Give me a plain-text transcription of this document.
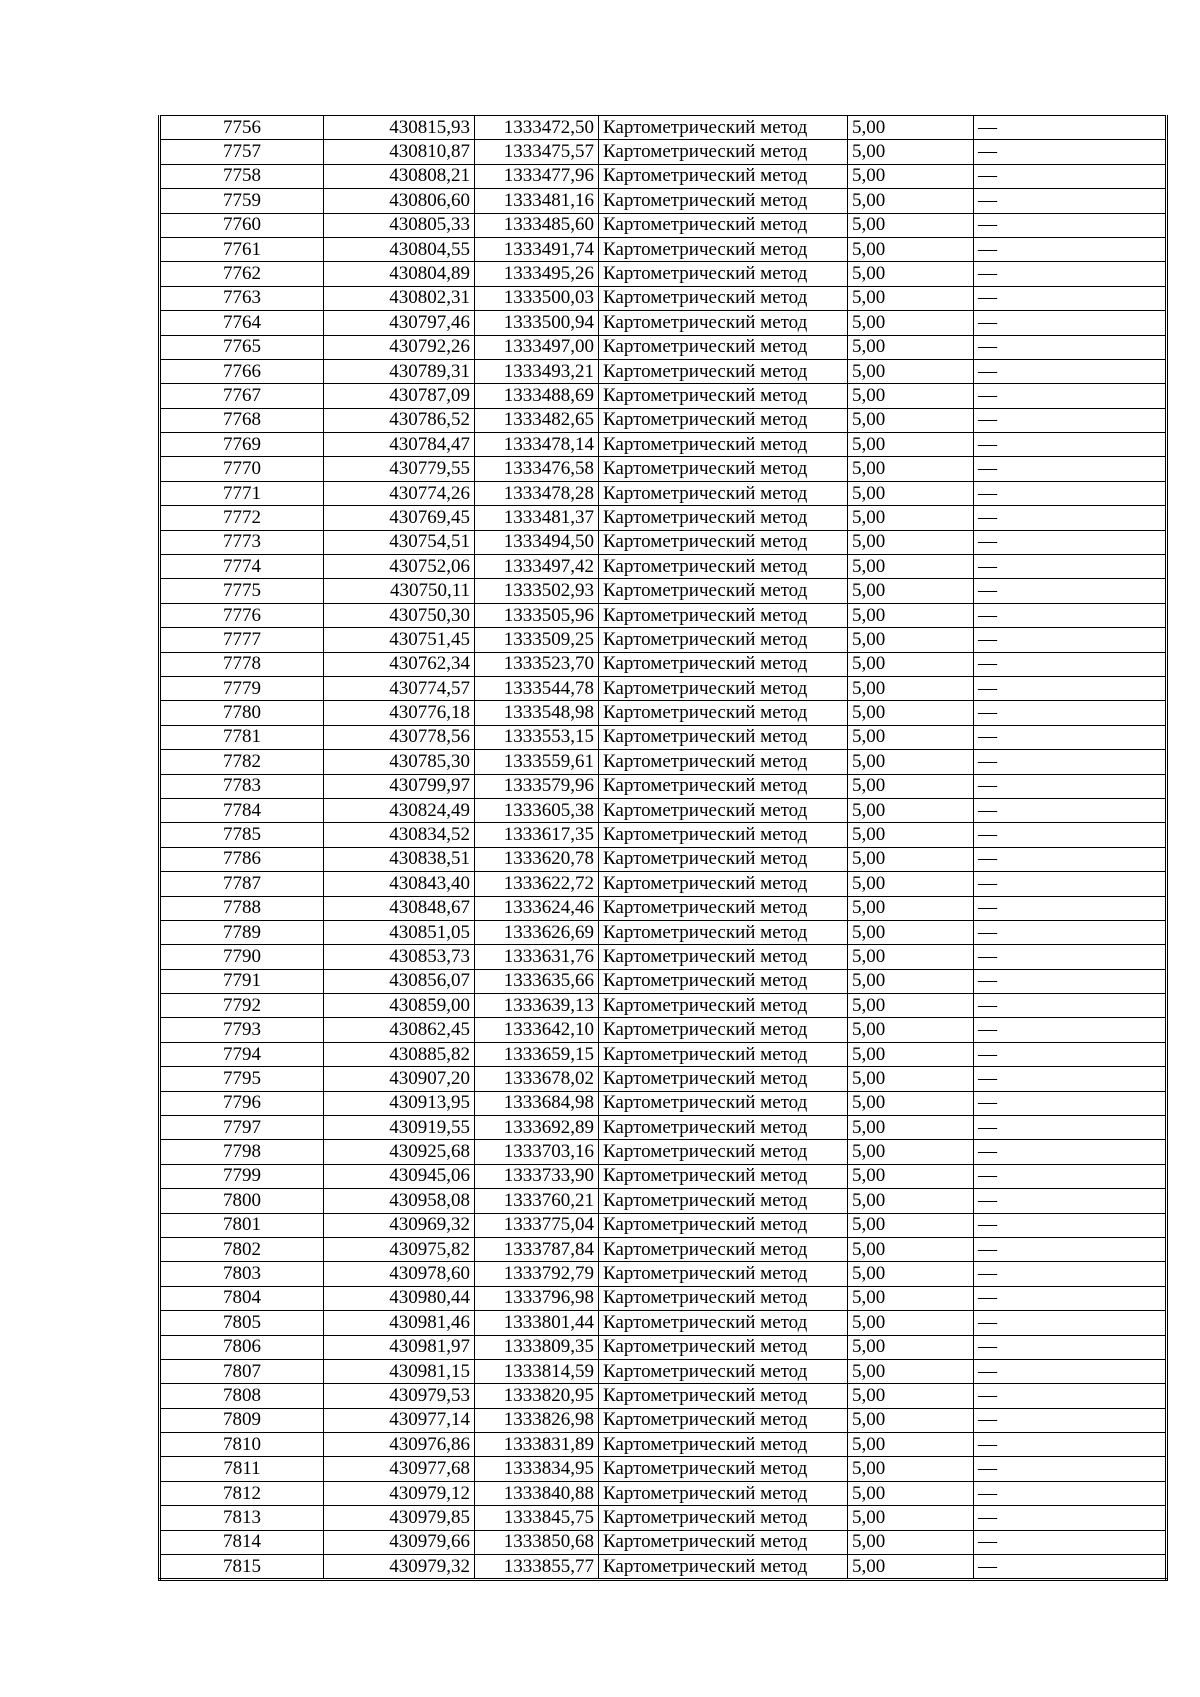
7756	430815,93	1333472,50	Картометрический метод	5,00	—
7757	430810,87	1333475,57	Картометрический метод	5,00	—
7758	430808,21	1333477,96	Картометрический метод	5,00	—
7759	430806,60	1333481,16	Картометрический метод	5,00	—
7760	430805,33	1333485,60	Картометрический метод	5,00	—
7761	430804,55	1333491,74	Картометрический метод	5,00	—
7762	430804,89	1333495,26	Картометрический метод	5,00	—
7763	430802,31	1333500,03	Картометрический метод	5,00	—
7764	430797,46	1333500,94	Картометрический метод	5,00	—
7765	430792,26	1333497,00	Картометрический метод	5,00	—
7766	430789,31	1333493,21	Картометрический метод	5,00	—
7767	430787,09	1333488,69	Картометрический метод	5,00	—
7768	430786,52	1333482,65	Картометрический метод	5,00	—
7769	430784,47	1333478,14	Картометрический метод	5,00	—
7770	430779,55	1333476,58	Картометрический метод	5,00	—
7771	430774,26	1333478,28	Картометрический метод	5,00	—
7772	430769,45	1333481,37	Картометрический метод	5,00	—
7773	430754,51	1333494,50	Картометрический метод	5,00	—
7774	430752,06	1333497,42	Картометрический метод	5,00	—
7775	430750,11	1333502,93	Картометрический метод	5,00	—
7776	430750,30	1333505,96	Картометрический метод	5,00	—
7777	430751,45	1333509,25	Картометрический метод	5,00	—
7778	430762,34	1333523,70	Картометрический метод	5,00	—
7779	430774,57	1333544,78	Картометрический метод	5,00	—
7780	430776,18	1333548,98	Картометрический метод	5,00	—
7781	430778,56	1333553,15	Картометрический метод	5,00	—
7782	430785,30	1333559,61	Картометрический метод	5,00	—
7783	430799,97	1333579,96	Картометрический метод	5,00	—
7784	430824,49	1333605,38	Картометрический метод	5,00	—
7785	430834,52	1333617,35	Картометрический метод	5,00	—
7786	430838,51	1333620,78	Картометрический метод	5,00	—
7787	430843,40	1333622,72	Картометрический метод	5,00	—
7788	430848,67	1333624,46	Картометрический метод	5,00	—
7789	430851,05	1333626,69	Картометрический метод	5,00	—
7790	430853,73	1333631,76	Картометрический метод	5,00	—
7791	430856,07	1333635,66	Картометрический метод	5,00	—
7792	430859,00	1333639,13	Картометрический метод	5,00	—
7793	430862,45	1333642,10	Картометрический метод	5,00	—
7794	430885,82	1333659,15	Картометрический метод	5,00	—
7795	430907,20	1333678,02	Картометрический метод	5,00	—
7796	430913,95	1333684,98	Картометрический метод	5,00	—
7797	430919,55	1333692,89	Картометрический метод	5,00	—
7798	430925,68	1333703,16	Картометрический метод	5,00	—
7799	430945,06	1333733,90	Картометрический метод	5,00	—
7800	430958,08	1333760,21	Картометрический метод	5,00	—
7801	430969,32	1333775,04	Картометрический метод	5,00	—
7802	430975,82	1333787,84	Картометрический метод	5,00	—
7803	430978,60	1333792,79	Картометрический метод	5,00	—
7804	430980,44	1333796,98	Картометрический метод	5,00	—
7805	430981,46	1333801,44	Картометрический метод	5,00	—
7806	430981,97	1333809,35	Картометрический метод	5,00	—
7807	430981,15	1333814,59	Картометрический метод	5,00	—
7808	430979,53	1333820,95	Картометрический метод	5,00	—
7809	430977,14	1333826,98	Картометрический метод	5,00	—
7810	430976,86	1333831,89	Картометрический метод	5,00	—
7811	430977,68	1333834,95	Картометрический метод	5,00	—
7812	430979,12	1333840,88	Картометрический метод	5,00	—
7813	430979,85	1333845,75	Картометрический метод	5,00	—
7814	430979,66	1333850,68	Картометрический метод	5,00	—
7815	430979,32	1333855,77	Картометрический метод	5,00	—
